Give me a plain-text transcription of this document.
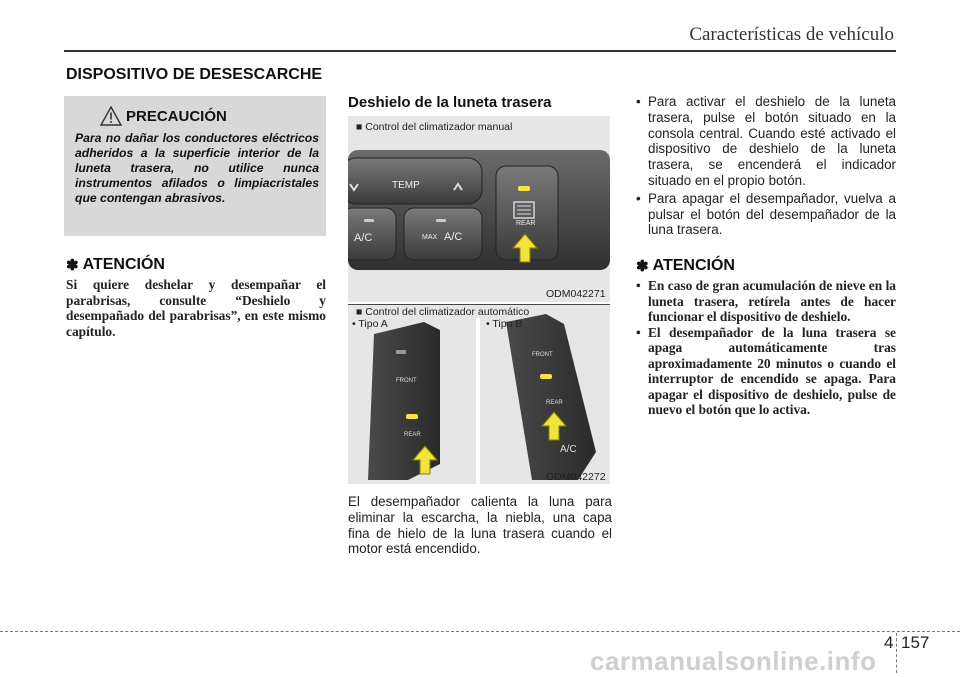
Características de vehículo
DISPOSITIVO DE DESESCARCHE
PRECAUCIÓN
Para no dañar los conductores eléctricos adheridos a la superficie interior de la luneta trasera, no utilice nunca instrumentos afilados o limpiacristales que contengan abrasivos.
✽ ATENCIÓN
Si quiere deshelar y desempañar el parabrisas, consulte “Deshielo y desempañado del parabrisas”, en este mismo capítulo.
Deshielo de la luneta trasera
■ Control del climatizador manual
TEMP
A/C	MAX A/C
REAR
ODM042271
■ Control del climatizador automático
• Tipo A	• Tipo B
FRONT
REAR
FRONT
REAR
A/C
ODM042272
El desempañador calienta la luna para eliminar la escarcha, la niebla, una capa fina de hielo de la luna trasera cuando el motor está encendido.
• Para activar el deshielo de la luneta trasera, pulse el botón situado en la consola central. Cuando esté activado el dispositivo de deshielo de la luneta trasera, se encenderá el indicador situado en el propio botón.
• Para apagar el desempañador, vuelva a pulsar el botón del desempañador de la luna trasera.
✽ ATENCIÓN
• En caso de gran acumulación de nieve en la luneta trasera, retírela antes de hacer funcionar el dispositivo de deshielo.
• El desempañador de la luna trasera se apaga automáticamente tras aproximadamente 20 minutos o cuando el interruptor de encendido se apaga. Para apagar el dispositivo de deshielo, pulse de nuevo el botón que lo activa.
4 157
carmanualsonline.info
